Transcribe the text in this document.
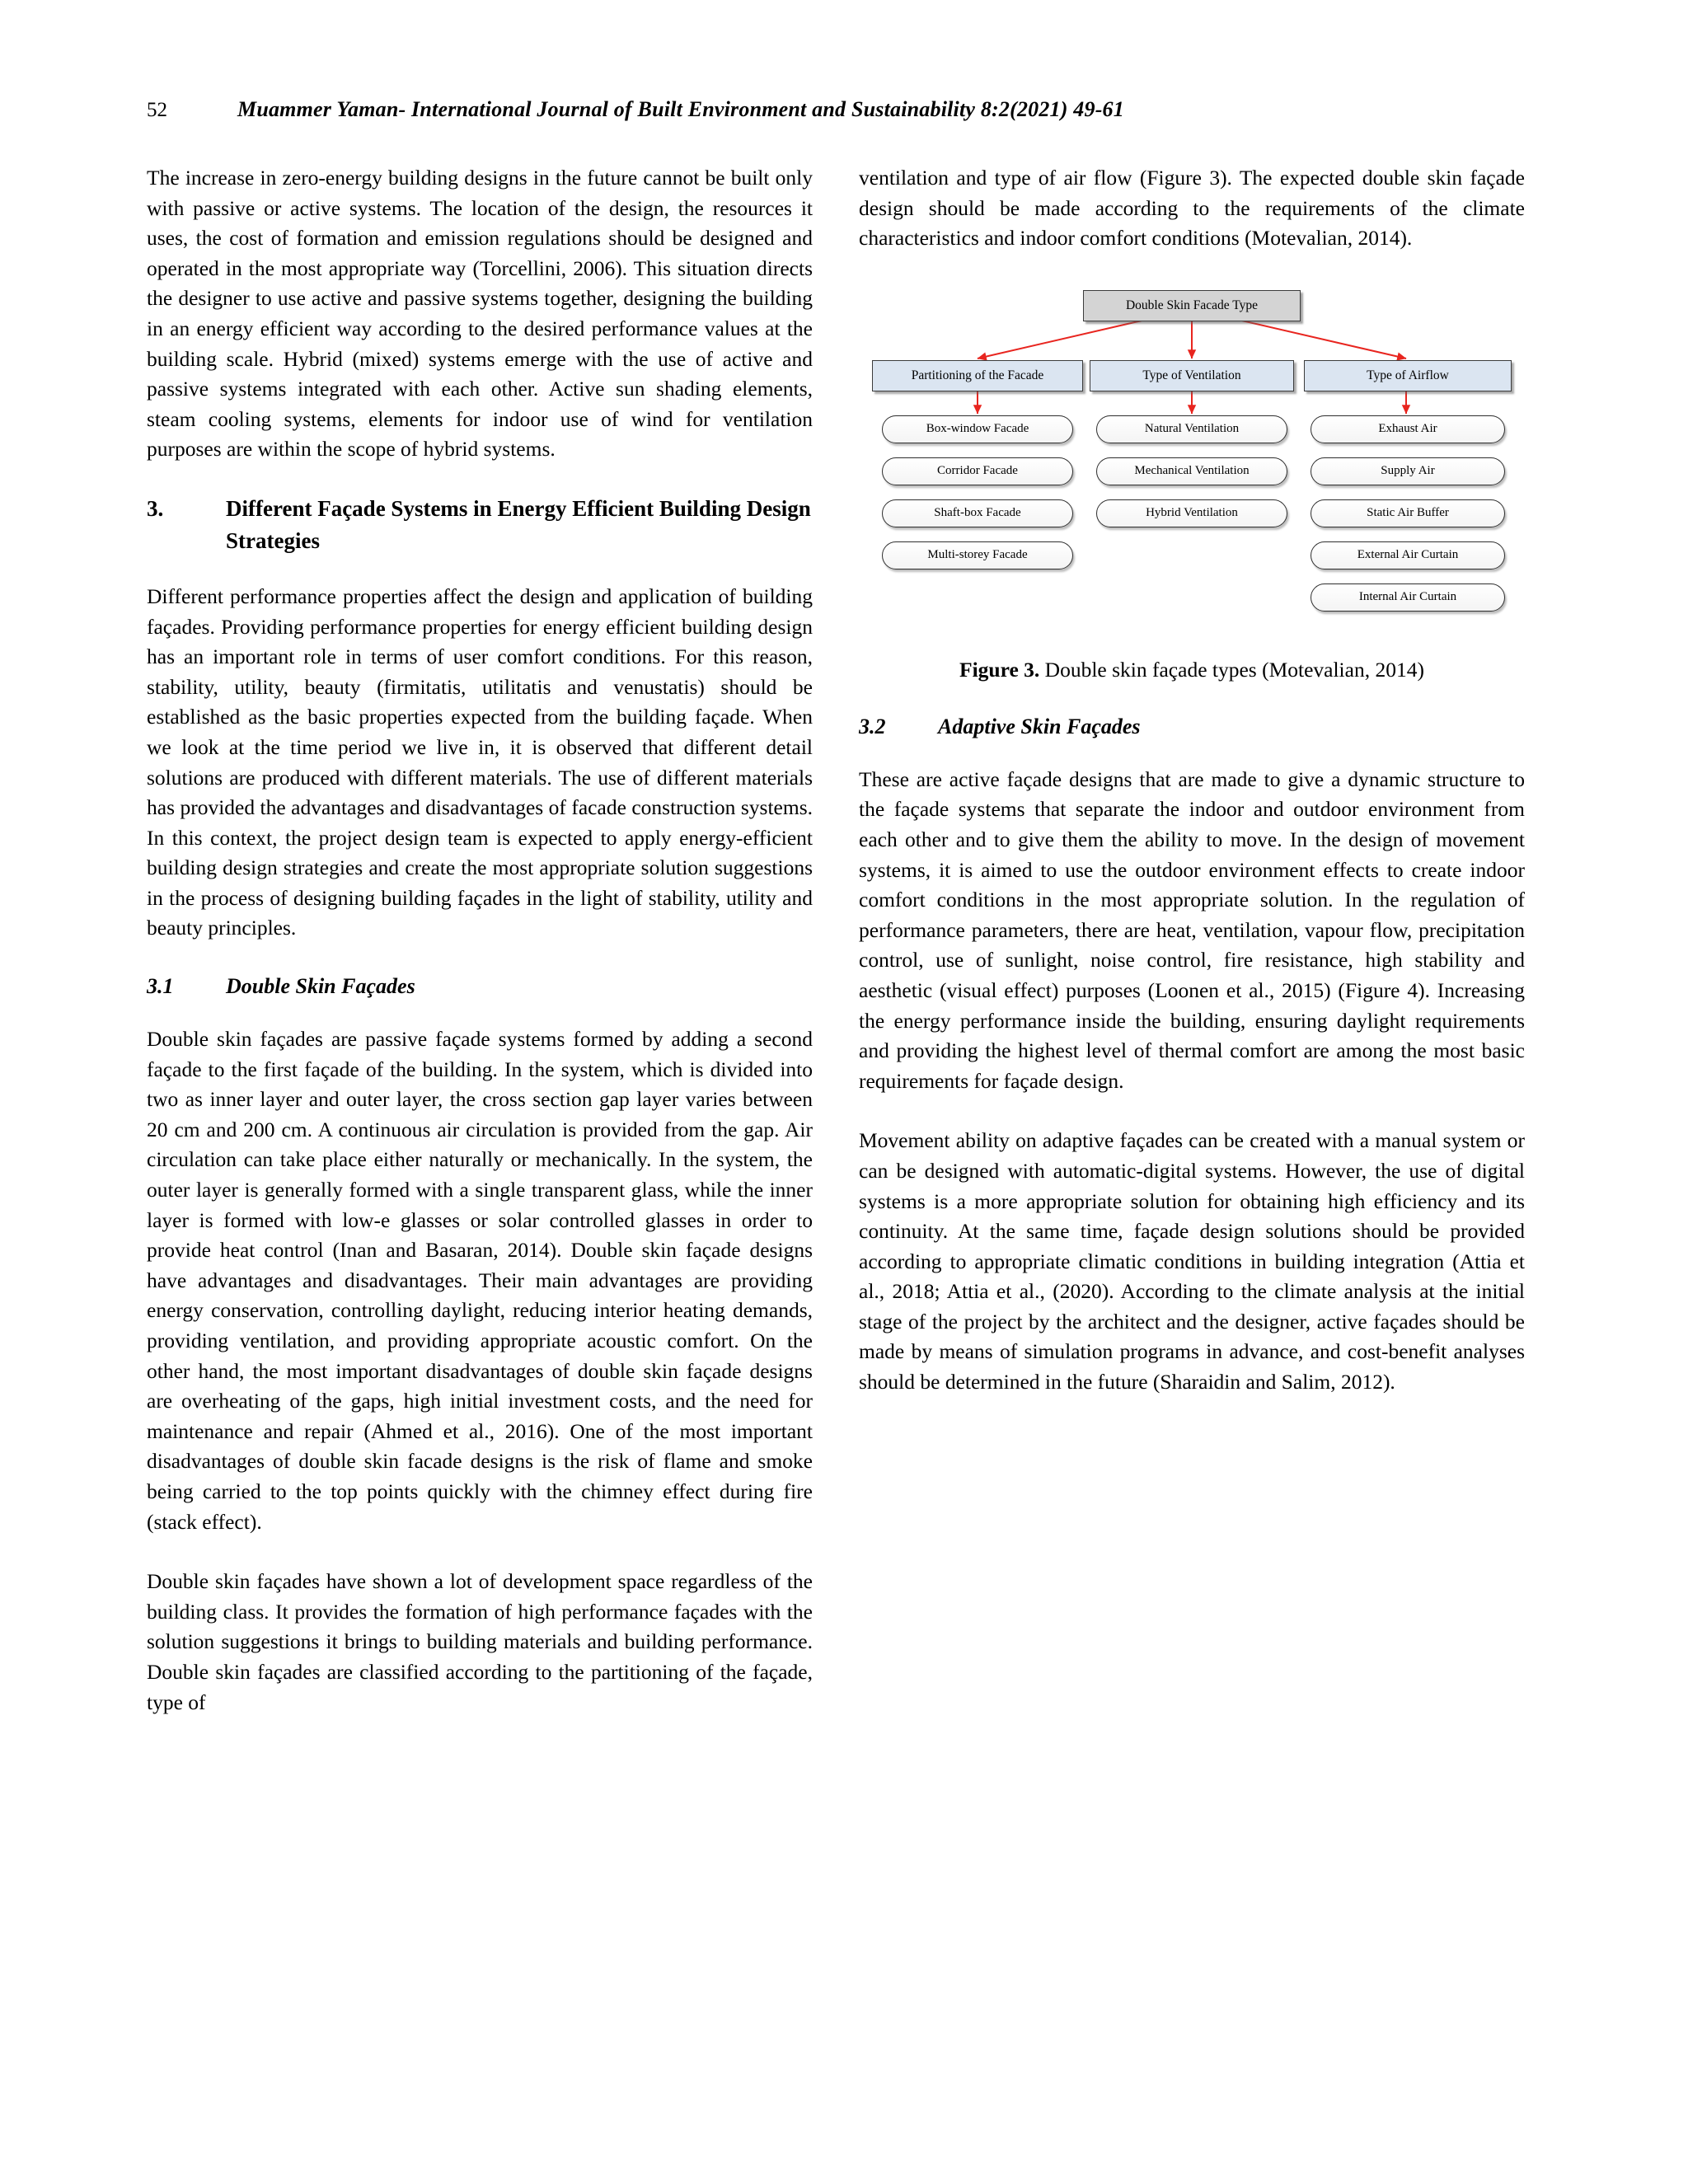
52	Muammer Yaman- International Journal of Built Environment and Sustainability 8:2(2021) 49-61

The increase in zero-energy building designs in the future cannot be built only with passive or active systems. The location of the design, the resources it uses, the cost of formation and emission regulations should be designed and operated in the most appropriate way (Torcellini, 2006). This situation directs the designer to use active and passive systems together, designing the building in an energy efficient way according to the desired performance values at the building scale. Hybrid (mixed) systems emerge with the use of active and passive systems integrated with each other. Active sun shading elements, steam cooling systems, elements for indoor use of wind for ventilation purposes are within the scope of hybrid systems.

3.	Different Façade Systems in Energy Efficient Building Design Strategies

Different performance properties affect the design and application of building façades. Providing performance properties for energy efficient building design has an important role in terms of user comfort conditions. For this reason, stability, utility, beauty (firmitatis, utilitatis and venustatis) should be established as the basic properties expected from the building façade. When we look at the time period we live in, it is observed that different detail solutions are produced with different materials. The use of different materials has provided the advantages and disadvantages of facade construction systems. In this context, the project design team is expected to apply energy-efficient building design strategies and create the most appropriate solution suggestions in the process of designing building façades in the light of stability, utility and beauty principles.

3.1	Double Skin Façades

Double skin façades are passive façade systems formed by adding a second façade to the first façade of the building. In the system, which is divided into two as inner layer and outer layer, the cross section gap layer varies between 20 cm and 200 cm. A continuous air circulation is provided from the gap. Air circulation can take place either naturally or mechanically. In the system, the outer layer is generally formed with a single transparent glass, while the inner layer is formed with low-e glasses or solar controlled glasses in order to provide heat control (Inan and Basaran, 2014). Double skin façade designs have advantages and disadvantages. Their main advantages are providing energy conservation, controlling daylight, reducing interior heating demands, providing ventilation, and providing appropriate acoustic comfort. On the other hand, the most important disadvantages of double skin façade designs are overheating of the gaps, high initial investment costs, and the need for maintenance and repair (Ahmed et al., 2016). One of the most important disadvantages of double skin facade designs is the risk of flame and smoke being carried to the top points quickly with the chimney effect during fire (stack effect).

Double skin façades have shown a lot of development space regardless of the building class. It provides the formation of high performance façades with the solution suggestions it brings to building materials and building performance. Double skin façades are classified according to the partitioning of the façade, type of

ventilation and type of air flow (Figure 3). The expected double skin façade design should be made according to the requirements of the climate characteristics and indoor comfort conditions (Motevalian, 2014).

Double Skin Facade Type
Partitioning of the Facade	Type of Ventilation	Type of Airflow
Box-window Facade
Corridor Facade
Shaft-box Facade
Multi-storey Facade
Natural Ventilation
Mechanical Ventilation
Hybrid Ventilation
Exhaust Air
Supply Air
Static Air Buffer
External Air Curtain
Internal Air Curtain

Figure 3. Double skin façade types (Motevalian, 2014)

3.2	Adaptive Skin Façades

These are active façade designs that are made to give a dynamic structure to the façade systems that separate the indoor and outdoor environment from each other and to give them the ability to move. In the design of movement systems, it is aimed to use the outdoor environment effects to create indoor comfort conditions in the most appropriate solution. In the regulation of performance parameters, there are heat, ventilation, vapour flow, precipitation control, use of sunlight, noise control, fire resistance, high stability and aesthetic (visual effect) purposes (Loonen et al., 2015) (Figure 4). Increasing the energy performance inside the building, ensuring daylight requirements and providing the highest level of thermal comfort are among the most basic requirements for façade design.

Movement ability on adaptive façades can be created with a manual system or can be designed with automatic-digital systems. However, the use of digital systems is a more appropriate solution for obtaining high efficiency and its continuity. At the same time, façade design solutions should be provided according to appropriate climatic conditions in building integration (Attia et al., 2018; Attia et al., (2020). According to the climate analysis at the initial stage of the project by the architect and the designer, active façades should be made by means of simulation programs in advance, and cost-benefit analyses should be determined in the future (Sharaidin and Salim, 2012).
